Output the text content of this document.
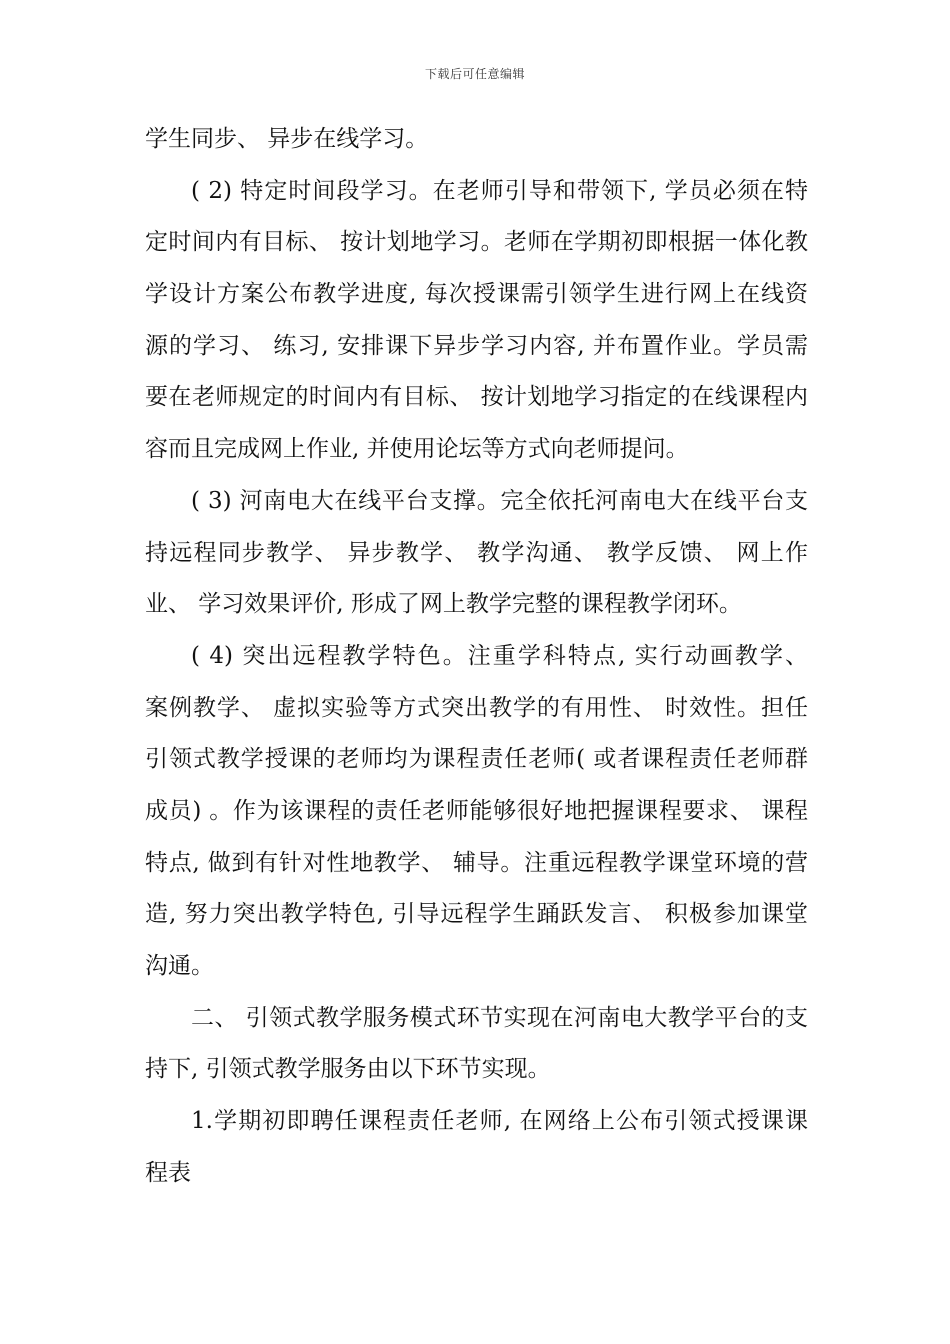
下载后可任意编辑
学生同步、 异步在线学习。
( 2) 特定时间段学习。在老师引导和带领下, 学员必须在特
定时间内有目标、 按计划地学习。老师在学期初即根据一体化教
学设计方案公布教学进度, 每次授课需引领学生进行网上在线资
源的学习、 练习, 安排课下异步学习内容, 并布置作业。学员需
要在老师规定的时间内有目标、 按计划地学习指定的在线课程内
容而且完成网上作业, 并使用论坛等方式向老师提问。
( 3) 河南电大在线平台支撑。完全依托河南电大在线平台支
持远程同步教学、 异步教学、 教学沟通、 教学反馈、 网上作
业、 学习效果评价, 形成了网上教学完整的课程教学闭环。
( 4) 突出远程教学特色。注重学科特点, 实行动画教学、
案例教学、 虚拟实验等方式突出教学的有用性、 时效性。担任
引领式教学授课的老师均为课程责任老师( 或者课程责任老师群
成员) 。作为该课程的责任老师能够很好地把握课程要求、 课程
特点, 做到有针对性地教学、 辅导。注重远程教学课堂环境的营
造, 努力突出教学特色, 引导远程学生踊跃发言、 积极参加课堂
沟通。
二、 引领式教学服务模式环节实现在河南电大教学平台的支
持下, 引领式教学服务由以下环节实现。
1.学期初即聘任课程责任老师, 在网络上公布引领式授课课
程表
